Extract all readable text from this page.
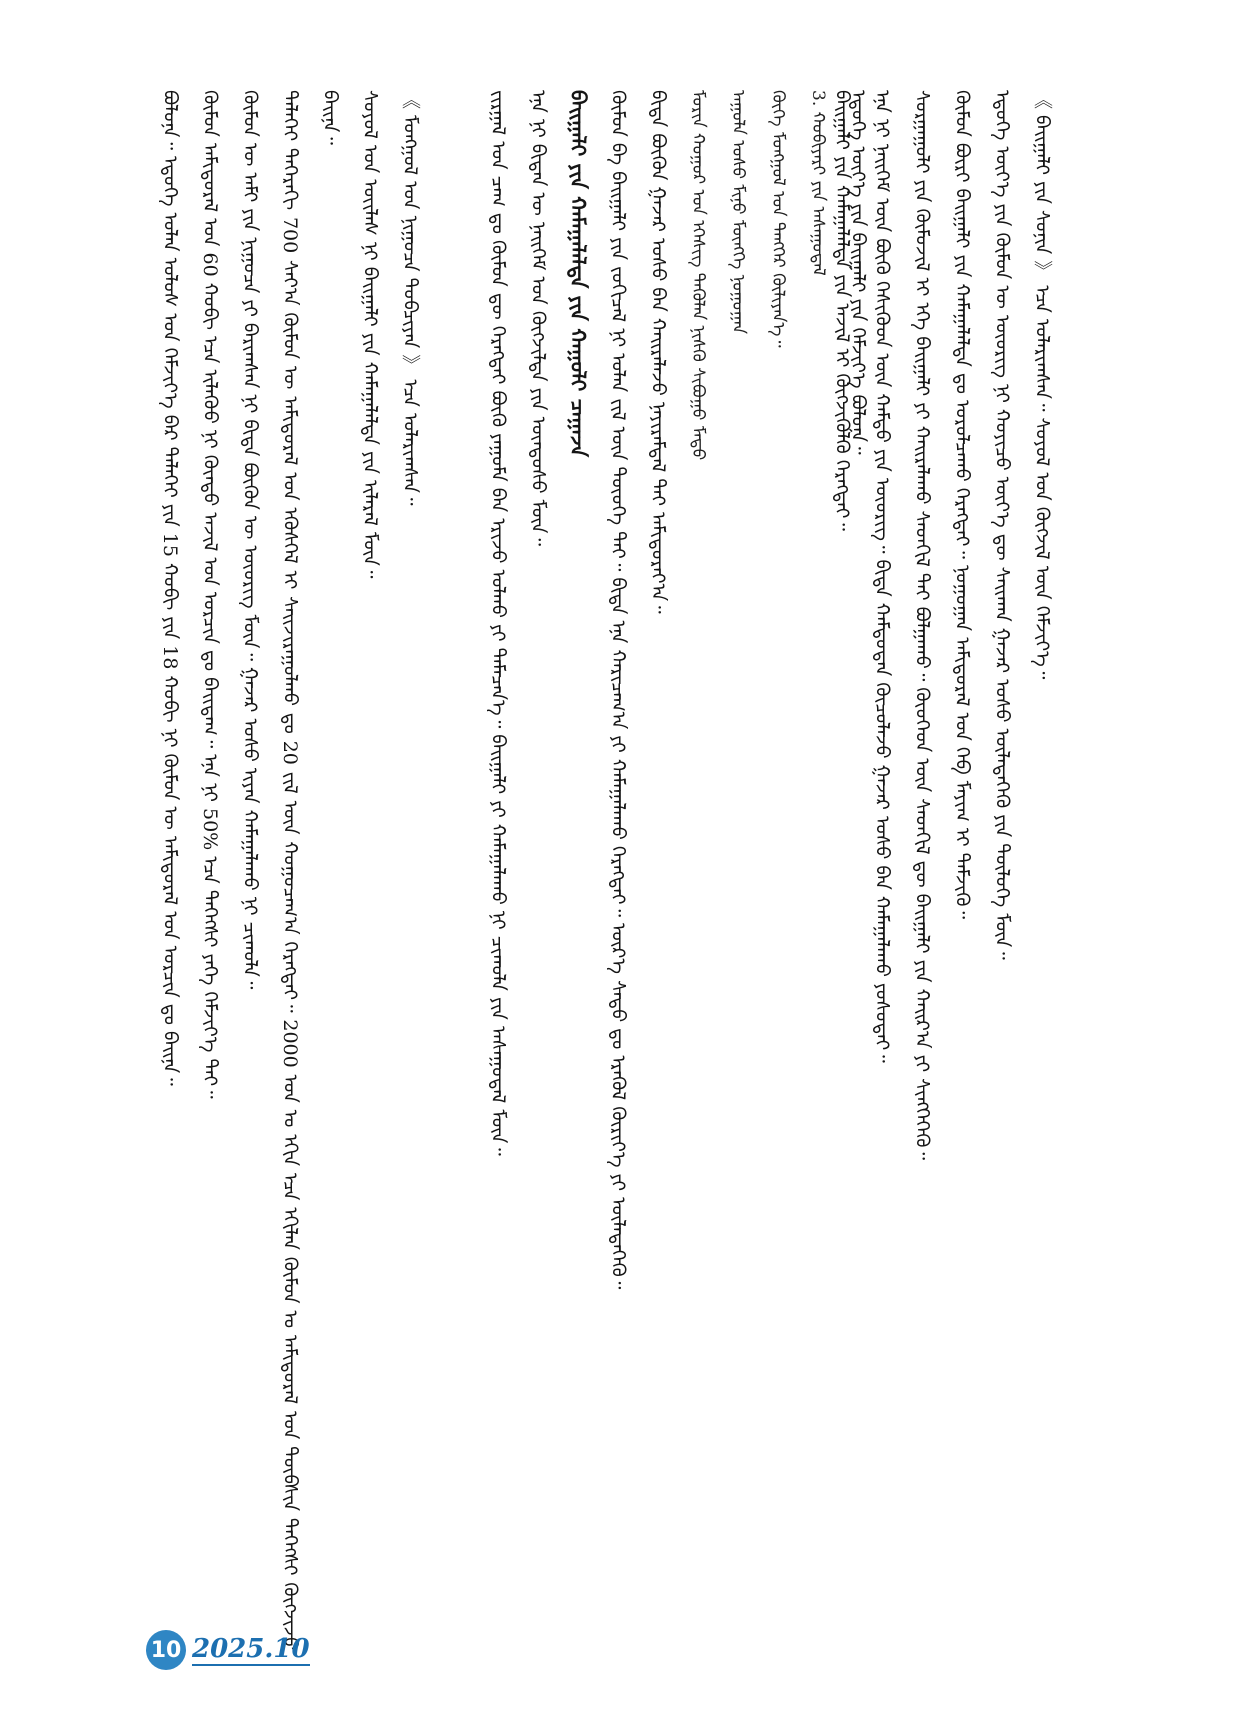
ᠪᠣᠯᠤᠨᠠ᠃ ᠡᠳᠦᠭᠡ ᠣᠯᠠᠨ ᠤᠯᠤᠰ ᠤᠨ ᠬᠡᠮᠵᠢᠶ᠎ᠡ ᠪᠡᠷ ᠳᠡᠯᠡᠬᠡᠢ ᠶᠢᠨ 15 ᠬᠤᠪᠢ ᠶᠢᠨ 18 ᠬᠤᠪᠢ ᠨᠢ ᠬᠦᠮᠦᠨ ᠦ ᠠᠮᠢᠳᠤᠷᠠᠯ ᠤᠨ ᠣᠷᠴᠢᠨ ᠳᠤ ᠪᠠᠢᠨᠠ᠃ ᠬᠦᠮᠦᠨ ᠠᠮᠢᠳᠤᠷᠠᠯ ᠤᠨ 60 ᠬᠤᠪᠢ ᠡᠴᠡ ᠢᠯᠡᠭᠦᠦ ᠨᠢ ᠬᠦᠨᠳᠦ ᠠᠵᠢᠯ ᠤᠨ ᠤᠷᠴᠢᠨ ᠳᠤ ᠪᠠᠢᠳᠠᠭ᠃ ᠡᠨᠡ ᠨᠢ 50% ᠡᠴᠡ ᠳᠡᠭᠡᠭᠰᠢ ᠶᠡᠬᠡ ᠬᠡᠮᠵᠢᠶ᠎ᠡ ᠲᠡᠢ᠃ ᠬᠦᠮᠦᠨ ᠦ ᠠᠮᠢ ᠶᠢᠨ ᠨᠢᠭᠤᠴᠠ ᠶᠢ ᠪᠠᠷᠢᠭᠰᠠᠨ ᠨᠢ ᠪᠢᠳᠡ ᠪᠦᠬᠦᠨ ᠦ ᠦᠦᠷᠢᠭ ᠮᠥᠨ᠃ ᠭᠠᠵᠠᠷ ᠤᠰᠤ ᠢᠶᠠᠨ ᠬᠠᠮᠠᠭᠠᠯᠠᠬᠤ ᠨᠢ ᠴᠢᠬᠤᠯᠠ᠃ ᠳᠡᠯᠡᠬᠡᠢ ᠳᠡᠭᠡᠷᠡᠬᠢ 700 ᠰᠠᠶ᠎ᠠ ᠬᠦᠮᠦᠨ ᠦ ᠠᠮᠢᠳᠤᠷᠠᠯ ᠤᠨ ᠡᠬᠦᠰᠬᠡᠯ ᠢ ᠰᠠᠢᠵᠢᠷᠠᠭᠤᠯᠬᠤ ᠳᠤ 20 ᠵᠢᠯ ᠦᠨ ᠬᠤᠭᠤᠴᠠᠭ᠎ᠠ ᠬᠡᠷᠡᠭᠲᠡᠢ᠃ 2000 ᠣᠨ ᠤ ᠡᠬᠢᠨ ᠡᠴᠡ ᠡᠬᠢᠯᠡᠨ ᠬᠦᠮᠦᠨ ᠤ ᠠᠮᠢᠳᠤᠷᠠᠯ ᠤᠨ ᠲᠦᠪᠰᠢᠨ ᠳᠡᠭᠡᠭᠰᠢ ᠬᠥᠭᠵᠢᠵᠦ ᠪᠠᠢᠨᠠ᠃ ᠰᠣᠶᠣᠯ ᠤᠨ ᠦᠢᠯᠡᠰ ᠨᠢ ᠪᠠᠢᠭᠠᠯᠢ ᠶᠢᠨ ᠬᠠᠮᠠᠭᠠᠯᠠᠯᠲᠠ ᠶᠢᠨ ᠢᠯᠡᠷᠡᠯ ᠮᠥᠨ᠃ 《 ᠮᠣᠩᠭᠣᠯ ᠤᠨ ᠨᠢᠭᠤᠴᠠ ᠲᠣᠪᠴᠢᠶᠠᠨ 》 ᠡᠴᠡ ᠤᠯᠠᠷᠢᠭᠰᠠᠨ᠃	ᠵᠢᠷᠭᠠᠯ ᠤᠨ ᠴᠠᠭ ᠳᠤ ᠬᠦᠮᠦᠨ ᠳᠦ ᠬᠡᠷᠡᠭᠲᠡᠢ ᠪᠦᠬᠦ ᠶᠠᠭᠤᠮᠠ ᠪᠡᠨ ᠡᠷᠢᠵᠦ ᠣᠯᠬᠤ ᠶᠢ ᠲᠡᠮᠡᠴᠡᠨ᠎ᠡ᠃ ᠪᠠᠢᠭᠠᠯᠢ ᠶᠢ ᠬᠠᠮᠠᠭᠠᠯᠠᠬᠤ ᠨᠢ ᠴᠢᠬᠤᠯᠠ ᠶᠢᠨ ᠠᠰᠠᠭᠤᠳᠠᠯ ᠮᠥᠨ᠃ ᠡᠨᠡ ᠨᠢ ᠪᠢᠳᠡᠨ ᠦ ᠨᠡᠢᠭᠡᠮ ᠤᠨ ᠬᠥᠭᠵᠢᠯᠲᠡ ᠶᠢᠨ ᠦᠨᠳᠦᠰᠦ ᠮᠥᠨ᠃ ᠪᠠᠢᠭᠠᠯᠢ ᠶᠢᠨ ᠬᠠᠮᠠᠭᠠᠯᠠᠯᠲᠠ ᠶᠢᠨ ᠬᠠᠭᠤᠯᠢ ᠴᠠᠭᠠᠵᠠ ᠬᠦᠮᠦᠨ ᠪᠠ ᠪᠠᠢᠭᠠᠯᠢ ᠶᠢᠨ ᠵᠣᠬᠢᠴᠠᠯ ᠨᠢ ᠣᠯᠠᠨ ᠵᠢᠯ ᠦᠨ ᠲᠦᠦᠬᠡ ᠲᠡᠢ᠃ ᠪᠢᠳᠡ ᠡᠨᠡ ᠬᠠᠷᠢᠴᠠᠭ᠎ᠠ ᠶᠢ ᠬᠠᠮᠠᠭᠠᠯᠠᠬᠤ ᠬᠡᠷᠡᠭᠲᠡᠢ᠃ ᠦᠷ᠎ᠡ ᠰᠠᠳᠤ ᠳᠤ ᠡᠷᠡᠭᠦᠯ ᠬᠦᠷᠢᠶ᠎ᠡ ᠶᠢ ᠦᠯᠡᠳᠡᠭᠡᠬᠦ᠃ ᠪᠢᠳᠡ ᠪᠦᠬᠦᠨ ᠭᠠᠵᠠᠷ ᠤᠰᠤ ᠪᠠᠨ ᠬᠠᠢᠷᠠᠯᠠᠵᠤ ᠨᠠᠶᠢᠷᠠᠮᠳᠠᠯ ᠲᠠᠢ ᠠᠮᠢᠳᠤᠷᠠᠶ᠎ᠠ᠃	ᠮᠣᠷᠢᠨ ᠬᠤᠭᠤᠷ ᠤᠨ ᠡᠭᠡᠰᠢᠭ ᠲᠡᠭᠦᠯᠡᠨ ᠨᠢᠰᠬᠦ ᠰᠢᠪᠤᠭᠤ ᠮᠡᠲᠦ	ᠠᠭᠤᠯᠠ ᠤᠰᠤ ᠮᠢᠨᠤ ᠮᠥᠩᠬᠡ ᠨᠤᠭᠤᠭᠠᠨ	ᠬᠥᠬᠡ ᠮᠣᠩᠭᠣᠯ ᠤᠨ ᠲᠡᠩᠭᠡᠷ ᠬᠦᠯᠢᠶᠡᠨ᠎ᠡ᠃	3. ᠬᠤᠪᠢᠶᠠᠷᠢ ᠶᠢᠨ ᠠᠰᠠᠭᠤᠳᠠᠯ	ᠡᠳᠦᠭᠡ ᠦᠶ᠎ᠡ ᠶᠢᠨ ᠪᠠᠢᠭᠠᠯᠢ ᠶᠢᠨ ᠬᠡᠮᠵᠢᠶ᠎ᠡ ᠪᠣᠯᠤᠨᠠ᠃

ᠪᠠᠢᠭᠠᠯᠢ ᠶᠢᠨ ᠬᠠᠮᠠᠭᠠᠯᠠᠯᠲᠠ ᠶᠢᠨ ᠠᠵᠢᠯ ᠢ ᠬᠥᠭᠵᠢᠭᠦᠯᠬᠦ ᠬᠡᠷᠡᠭᠲᠡᠢ᠃ ᠡᠨᠡ ᠨᠢ ᠨᠡᠢᠭᠡᠮ ᠦᠨ ᠪᠦᠬᠦ ᠭᠡᠰᠢᠭᠦᠳ ᠦᠨ ᠬᠠᠮᠲᠤ ᠶᠢᠨ ᠦᠦᠷᠢᠭ᠃ ᠪᠢᠳᠡ ᠬᠠᠮᠲᠤᠳᠠᠨ ᠬᠦᠴᠦᠯᠡᠵᠦ ᠭᠠᠵᠠᠷ ᠤᠰᠤ ᠪᠠᠨ ᠬᠠᠮᠠᠭᠠᠯᠠᠬᠤ ᠶᠣᠰᠣᠲᠠᠢ᠃ ᠰᠤᠷᠭᠠᠭᠤᠯᠢ ᠶᠢᠨ ᠬᠦᠮᠦᠵᠢᠯ ᠢ ᠡᠬᠡ ᠪᠠᠢᠭᠠᠯᠢ ᠶᠢ ᠬᠠᠢᠷᠠᠯᠠᠬᠤ ᠰᠡᠳᠬᠢᠯ ᠲᠡᠢ ᠪᠣᠯᠭᠠᠬᠤ᠃ ᠬᠦᠦᠬᠡᠳ ᠦᠨ ᠰᠡᠳᠬᠢᠯ ᠳᠦ ᠪᠠᠢᠭᠠᠯᠢ ᠶᠢᠨ ᠬᠠᠢᠷ᠎ᠠ ᠶᠢ ᠰᠢᠩᠭᠡᠭᠡᠬᠦ᠃ ᠬᠦᠮᠦᠨ ᠪᠦᠷᠢ ᠪᠠᠢᠭᠠᠯᠢ ᠶᠢᠨ ᠬᠠᠮᠠᠭᠠᠯᠠᠯᠲᠠ ᠳᠤ ᠣᠷᠤᠯᠴᠠᠬᠤ ᠬᠡᠷᠡᠭᠲᠡᠢ᠃ ᠨᠣᠭᠤᠭᠠᠨ ᠠᠮᠢᠳᠤᠷᠠᠯ ᠤᠨ ᠬᠡᠪ ᠮᠠᠶᠢᠭ ᠢ ᠳᠡᠮᠵᠢᠬᠦ᠃ ᠡᠳᠦᠭᠡ ᠦᠶ᠎ᠡ ᠶᠢᠨ ᠬᠦᠮᠦᠨ ᠦ ᠦᠦᠷᠢᠭ ᠨᠢ ᠬᠣᠶᠢᠴᠤ ᠦᠶ᠎ᠡ ᠳᠦ ᠰᠠᠢᠬᠠᠨ ᠭᠠᠵᠠᠷ ᠤᠰᠤ ᠦᠯᠡᠳᠡᠭᠡᠬᠦ ᠶᠢᠨ ᠲᠥᠯᠦᠭᠡ ᠮᠥᠨ᠃ 《 ᠪᠠᠢᠭᠠᠯᠢ ᠶᠢᠨ ᠰᠣᠨᠢᠨ 》 ᠡᠴᠡ ᠤᠯᠠᠷᠢᠭᠰᠠᠨ᠃ ᠰᠣᠶᠣᠯ ᠤᠨ ᠬᠥᠭᠵᠢᠯ ᠦᠨ ᠬᠡᠮᠵᠢᠶ᠎ᠡ᠃

10 2025.10
